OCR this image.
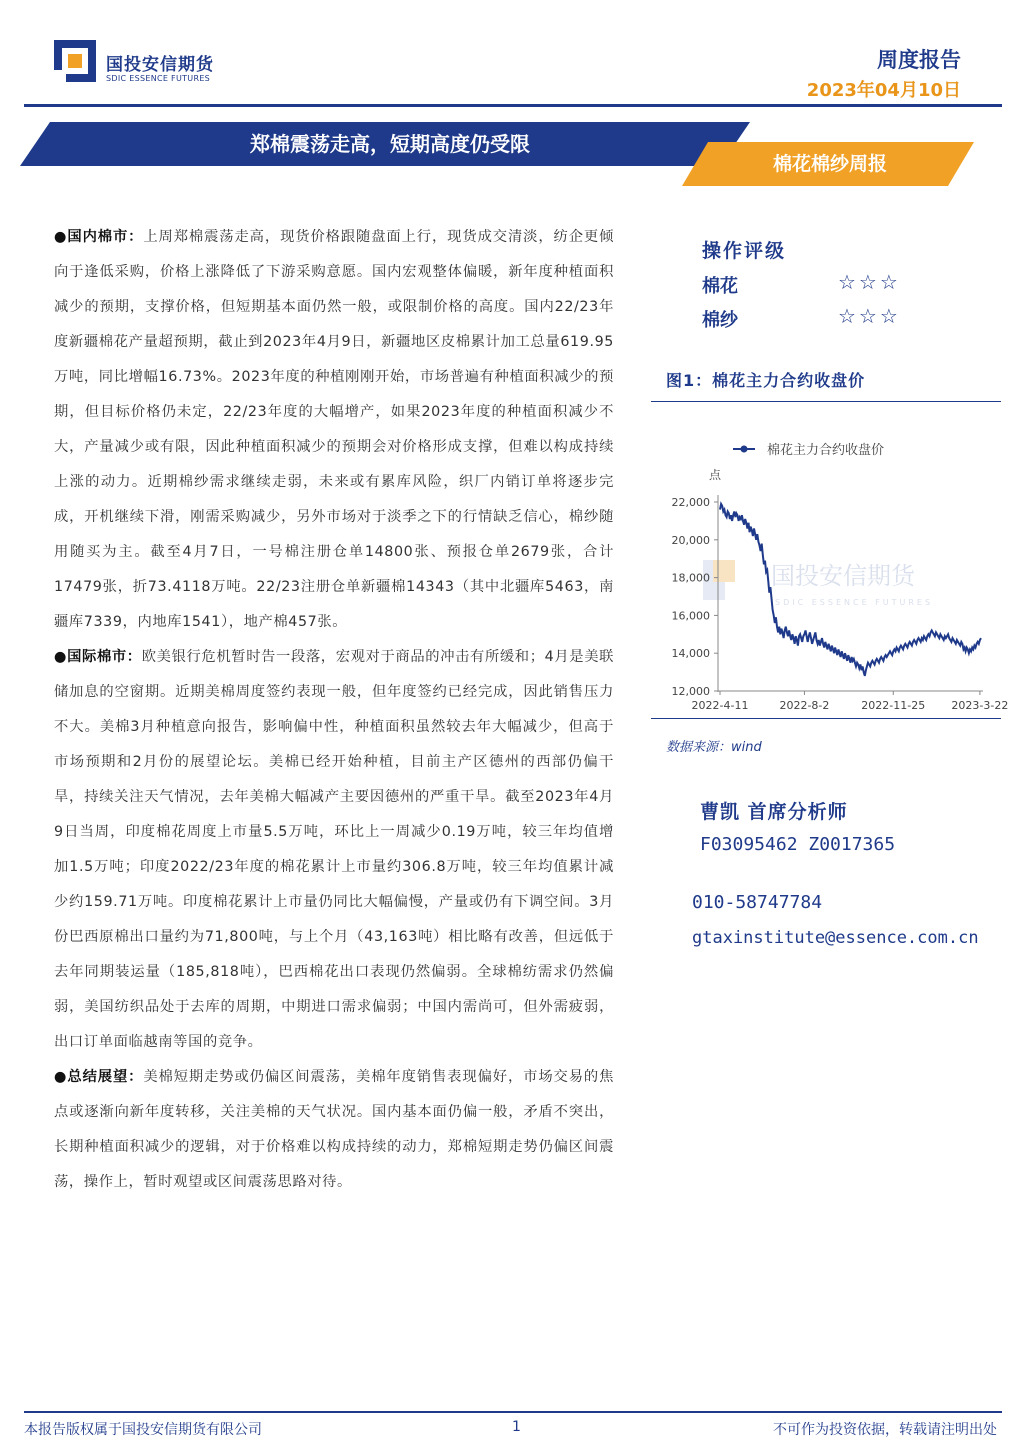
国投安信期货
SDIC ESSENCE FUTURES
周度报告
2023年04月10日
郑棉震荡走高，短期高度仍受限
棉花棉纱周报
●国内棉市：上周郑棉震荡走高，现货价格跟随盘面上行，现货成交清淡，纺企更倾向于逢低采购，价格上涨降低了下游采购意愿。国内宏观整体偏暖，新年度种植面积减少的预期，支撑价格，但短期基本面仍然一般，或限制价格的高度。国内22/23年度新疆棉花产量超预期，截止到2023年4月9日，新疆地区皮棉累计加工总量619.95万吨，同比增幅16.73%。2023年度的种植刚刚开始，市场普遍有种植面积减少的预期，但目标价格仍未定，22/23年度的大幅增产，如果2023年度的种植面积减少不大，产量减少或有限，因此种植面积减少的预期会对价格形成支撑，但难以构成持续上涨的动力。近期棉纱需求继续走弱，未来或有累库风险，织厂内销订单将逐步完成，开机继续下滑，刚需采购减少，另外市场对于淡季之下的行情缺乏信心，棉纱随用随买为主。截至4月7日，一号棉注册仓单14800张、预报仓单2679张，合计17479张，折73.4118万吨。22/23注册仓单新疆棉14343（其中北疆库5463，南疆库7339，内地库1541），地产棉457张。
●国际棉市：欧美银行危机暂时告一段落，宏观对于商品的冲击有所缓和；4月是美联储加息的空窗期。近期美棉周度签约表现一般，但年度签约已经完成，因此销售压力不大。美棉3月种植意向报告，影响偏中性，种植面积虽然较去年大幅减少，但高于市场预期和2月份的展望论坛。美棉已经开始种植，目前主产区德州的西部仍偏干旱，持续关注天气情况，去年美棉大幅减产主要因德州的严重干旱。截至2023年4月9日当周，印度棉花周度上市量5.5万吨，环比上一周减少0.19万吨，较三年均值增加1.5万吨；印度2022/23年度的棉花累计上市量约306.8万吨，较三年均值累计减少约159.71万吨。印度棉花累计上市量仍同比大幅偏慢，产量或仍有下调空间。3月份巴西原棉出口量约为71,800吨，与上个月（43,163吨）相比略有改善，但远低于去年同期装运量（185,818吨），巴西棉花出口表现仍然偏弱。全球棉纺需求仍然偏弱，美国纺织品处于去库的周期，中期进口需求偏弱；中国内需尚可，但外需疲弱，出口订单面临越南等国的竞争。
●总结展望：美棉短期走势或仍偏区间震荡，美棉年度销售表现偏好，市场交易的焦点或逐渐向新年度转移，关注美棉的天气状况。国内基本面仍偏一般，矛盾不突出，长期种植面积减少的逻辑，对于价格难以构成持续的动力，郑棉短期走势仍偏区间震荡，操作上，暂时观望或区间震荡思路对待。
操作评级
棉花	☆☆☆
棉纱	☆☆☆
图1：棉花主力合约收盘价
国投安信期货
SDIC ESSENCE FUTURES
棉花主力合约收盘价
点
12,000
14,000
16,000
18,000
20,000
22,000
2022-4-11	2022-8-2	2022-11-25 2023-3-22
数据来源：wind
曹凯 首席分析师
F03095462 Z0017365
010-58747784
gtaxinstitute@essence.com.cn
本报告版权属于国投安信期货有限公司	1	不可作为投资依据，转载请注明出处
